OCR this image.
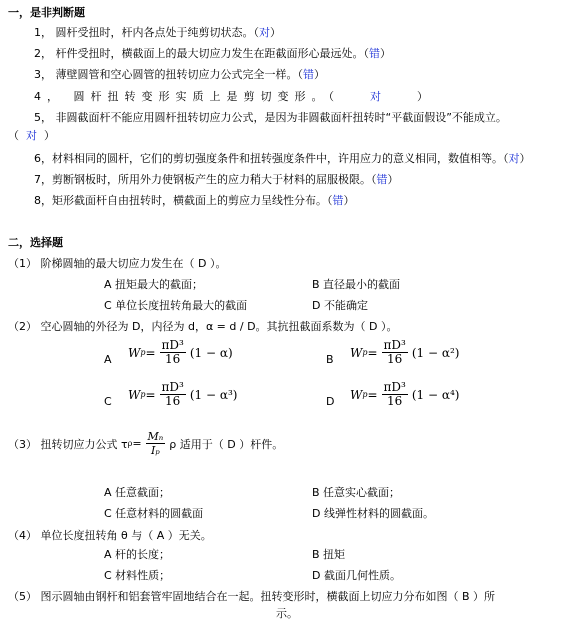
一，是非判断题
1， 圆杆受扭时，杆内各点处于纯剪切状态。（对）
2， 杆件受扭时，横截面上的最大切应力发生在距截面形心最远处。（错）
3， 薄壁圆管和空心圆管的扭转切应力公式完全一样。（错）
4， 圆杆扭转变形实质上是剪切变形。（	对	）
5， 非圆截面杆不能应用圆杆扭转切应力公式，是因为非圆截面杆扭转时“平截面假设”不能成立。
（ 对 ）
6，材料相同的圆杆，它们的剪切强度条件和扭转强度条件中，许用应力的意义相同，数值相等。（对）
7，剪断钢板时，所用外力使钢板产生的应力稍大于材料的屈服极限。（错）
8，矩形截面杆自由扭转时，横截面上的剪应力呈线性分布。（错）
二，选择题
（1） 阶梯圆轴的最大切应力发生在（ D ）。
A 扭矩最大的截面；	B 直径最小的截面
C 单位长度扭转角最大的截面	D 不能确定
（2） 空心圆轴的外径为 D，内径为 d，α = d / D。其抗扭截面系数为（ D ）。
A W $p = \frac{\text{πD³}}{16} (1 - \alpha)$	B W $p = \frac{\text{πD³}}{16} (1 - \alpha^2)$
C W $p = \frac{\text{πD³}}{16} (1 - \alpha^3)$	D W $p = \frac{\text{πD³}}{16} (1 - \alpha^4)$
（3） 扭转切应力公式 τ $\rho = \frac{\text{Mₙ}}{\text{Iₚ}}$ ρ 适用于（ D ）杆件。
A 任意截面；	B 任意实心截面；
C 任意材料的圆截面	D 线弹性材料的圆截面。
（4） 单位长度扭转角 θ 与（ A ）无关。
A 杆的长度；	B 扭矩
C 材料性质；	D 截面几何性质。
（5） 图示圆轴由钢杆和铝套管牢固地结合在一起。扭转变形时，横截面上切应力分布如图（ B ）所
示。
